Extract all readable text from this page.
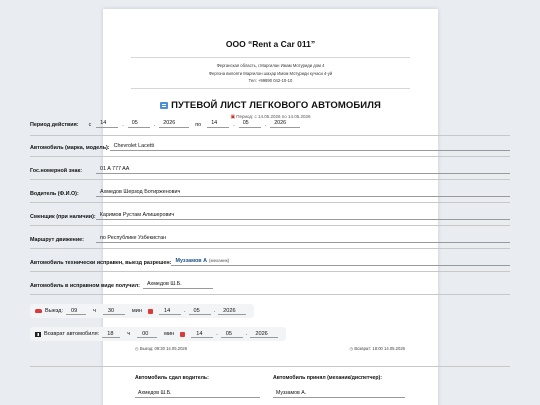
ООО “Rent a Car 011”
Ферганская область, г.Маргилан Имам Мотуриди дом 4
Фергона вилояти Марғилон шаҳар Имом Мотуриди кучаси 4-уй
Тел: +99890 042-10-10
ПУТЕВОЙ ЛИСТ ЛЕГКОВОГО АВТОМОБИЛЯ
▣Период: с 14.05.2026 по 14.05.2026
Период действия: с	14	.	05	.	2026	по	14	.	05	.	2026
Автомобиль (марка, модель): Chevrolet Lacetti
Гос.номерной знак:	01 A 777 AA
Водитель (Ф.И.О):	Ахмедов Шерзод Ботирженович
Сменщик (при наличии): Каримов Рустам Алишерович
Маршрут движение:	по Республике Узбекистан
Автомобиль технически исправен, выезд разрешен: Муззамов А (механик)
Автомобиль в исправном виде получил:	Ахмедов Ш.Б.
Выезд:	09	ч	30	мин	14	.	05	.	2026
Возврат автомобиля:	18	ч	00	мин	14	.	05	.	2026
◷ Выезд: 09:30 14.05.2026	◷ Возврат: 18:00 14.05.2026
Автомобиль сдал водитель:
Ахмедов Ш.Б.
Автомобиль принял (механик/диспетчер):
Муззамов А.
